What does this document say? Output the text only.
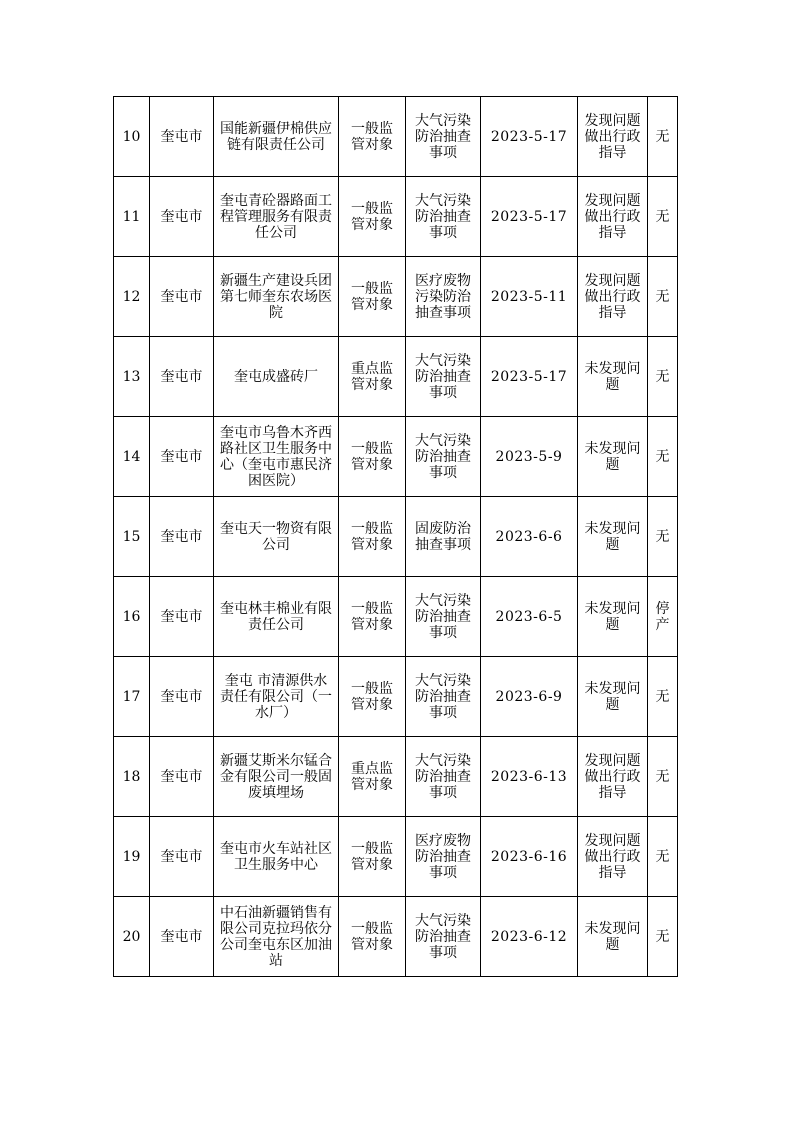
10	奎屯市	国能新疆伊棉供应链有限责任公司	一般监管对象	大气污染防治抽查事项	2023-5-17	发现问题做出行政指导	无
11	奎屯市	奎屯青砼器路面工程管理服务有限责任公司	一般监管对象	大气污染防治抽查事项	2023-5-17	发现问题做出行政指导	无
12	奎屯市	新疆生产建设兵团第七师奎东农场医院	一般监管对象	医疗废物污染防治抽查事项	2023-5-11	发现问题做出行政指导	无
13	奎屯市	奎屯成盛砖厂	重点监管对象	大气污染防治抽查事项	2023-5-17	未发现问题	无
14	奎屯市	奎屯市乌鲁木齐西路社区卫生服务中心（奎屯市惠民济困医院）	一般监管对象	大气污染防治抽查事项	2023-5-9	未发现问题	无
15	奎屯市	奎屯天一物资有限公司	一般监管对象	固废防治抽查事项	2023-6-6	未发现问题	无
16	奎屯市	奎屯林丰棉业有限责任公司	一般监管对象	大气污染防治抽查事项	2023-6-5	未发现问题	停产
17	奎屯市	奎屯 市清源供水责任有限公司（一水厂）	一般监管对象	大气污染防治抽查事项	2023-6-9	未发现问题	无
18	奎屯市	新疆艾斯米尔锰合金有限公司一般固废填埋场	重点监管对象	大气污染防治抽查事项	2023-6-13	发现问题做出行政指导	无
19	奎屯市	奎屯市火车站社区卫生服务中心	一般监管对象	医疗废物防治抽查事项	2023-6-16	发现问题做出行政指导	无
20	奎屯市	中石油新疆销售有限公司克拉玛依分公司奎屯东区加油站	一般监管对象	大气污染防治抽查事项	2023-6-12	未发现问题	无
